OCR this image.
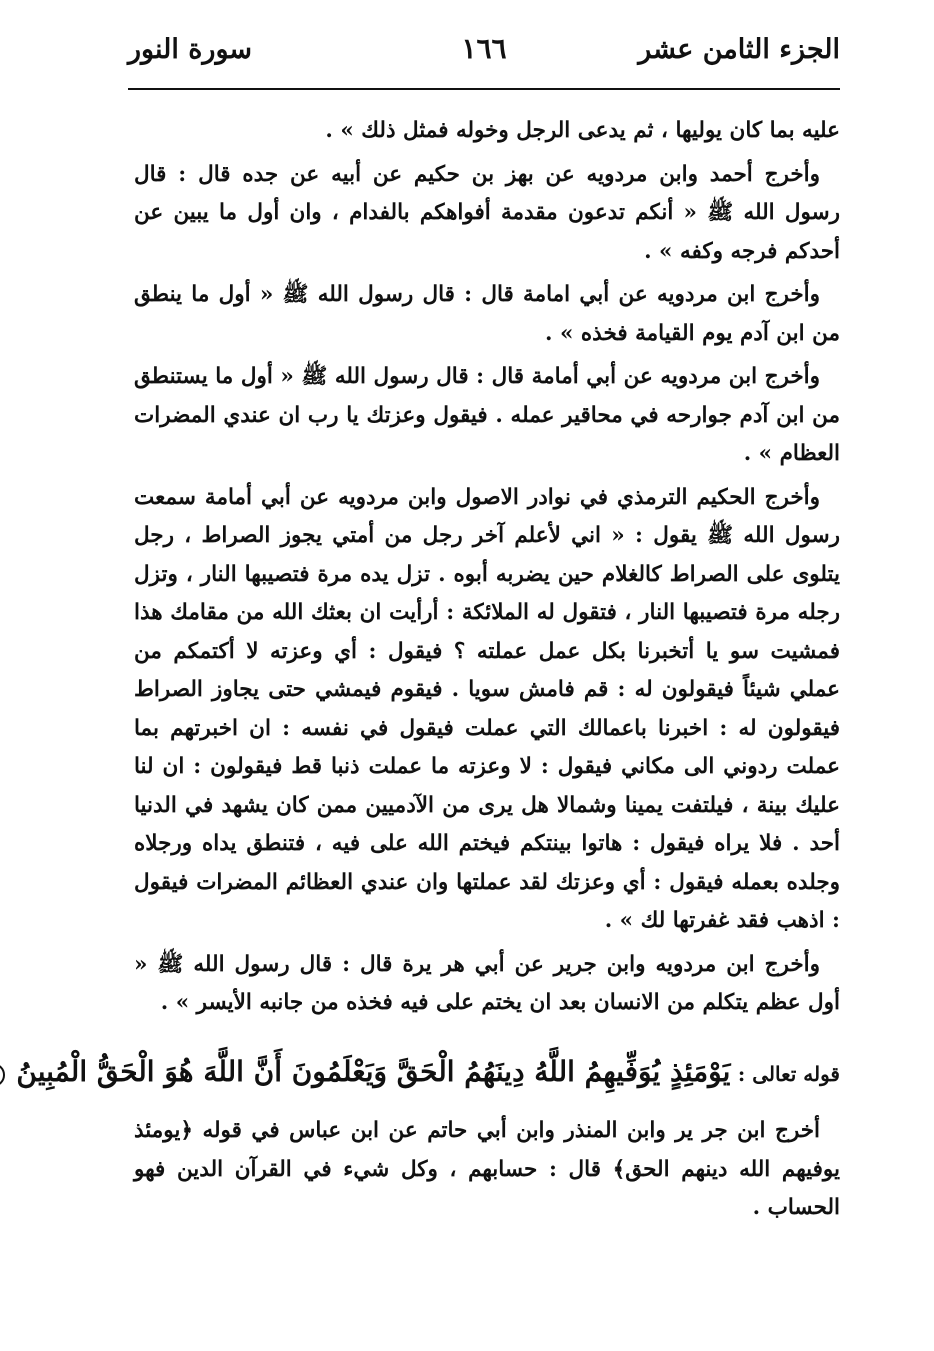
الجزء الثامن عشر
١٦٦
سورة النور

عليه بما كان يوليها ، ثم يدعى الرجل وخوله فمثل ذلك » .

وأخرج أحمد وابن مردويه عن بهز بن حكيم عن أبيه عن جده قال : قال رسول الله ﷺ « أنكم تدعون مقدمة أفواهكم بالفدام ، وان أول ما يبين عن أحدكم فرجه وكفه » .

وأخرج ابن مردويه عن أبي امامة قال : قال رسول الله ﷺ « أول ما ينطق من ابن آدم يوم القيامة فخذه » .

وأخرج ابن مردويه عن أبي أمامة قال : قال رسول الله ﷺ « أول ما يستنطق من ابن آدم جوارحه في محاقير عمله . فيقول وعزتك يا رب ان عندي المضرات العظام » .

وأخرج الحكيم الترمذي في نوادر الاصول وابن مردويه عن أبي أمامة سمعت رسول الله ﷺ يقول : « اني لأعلم آخر رجل من أمتي يجوز الصراط ، رجل يتلوى على الصراط كالغلام حين يضربه أبوه . تزل يده مرة فتصيبها النار ، وتزل رجله مرة فتصيبها النار ، فتقول له الملائكة : أرأيت ان بعثك الله من مقامك هذا فمشيت سو يا أتخبرنا بكل عمل عملته ؟ فيقول : أي وعزته لا أكتمكم من عملي شيئاً فيقولون له : قم فامش سويا . فيقوم فيمشي حتى يجاوز الصراط فيقولون له : اخبرنا باعمالك التي عملت فيقول في نفسه : ان اخبرتهم بما عملت ردوني الى مكاني فيقول : لا وعزته ما عملت ذنبا قط فيقولون : ان لنا عليك بينة ، فيلتفت يمينا وشمالا هل يرى من الآدميين ممن كان يشهد في الدنيا أحد . فلا يراه فيقول : هاتوا بينتكم فيختم الله على فيه ، فتنطق يداه ورجلاه وجلده بعمله فيقول : أي وعزتك لقد عملتها وان عندي العظائم المضرات فيقول : اذهب فقد غفرتها لك » .

وأخرج ابن مردويه وابن جرير عن أبي هر يرة قال : قال رسول الله ﷺ « أول عظم يتكلم من الانسان بعد ان يختم على فيه فخذه من جانبه الأيسر » .

قوله تعالى : يَوْمَئِذٍ يُوَفِّيهِمُ اللَّهُ دِينَهُمُ الْحَقَّ وَيَعْلَمُونَ أَنَّ اللَّهَ هُوَ الْحَقُّ الْمُبِينُ

أخرج ابن جر ير وابن المنذر وابن أبي حاتم عن ابن عباس في قوله ﴿يومئذ يوفيهم الله دينهم الحق﴾ قال : حسابهم ، وكل شيء في القرآن الدين فهو الحساب .
